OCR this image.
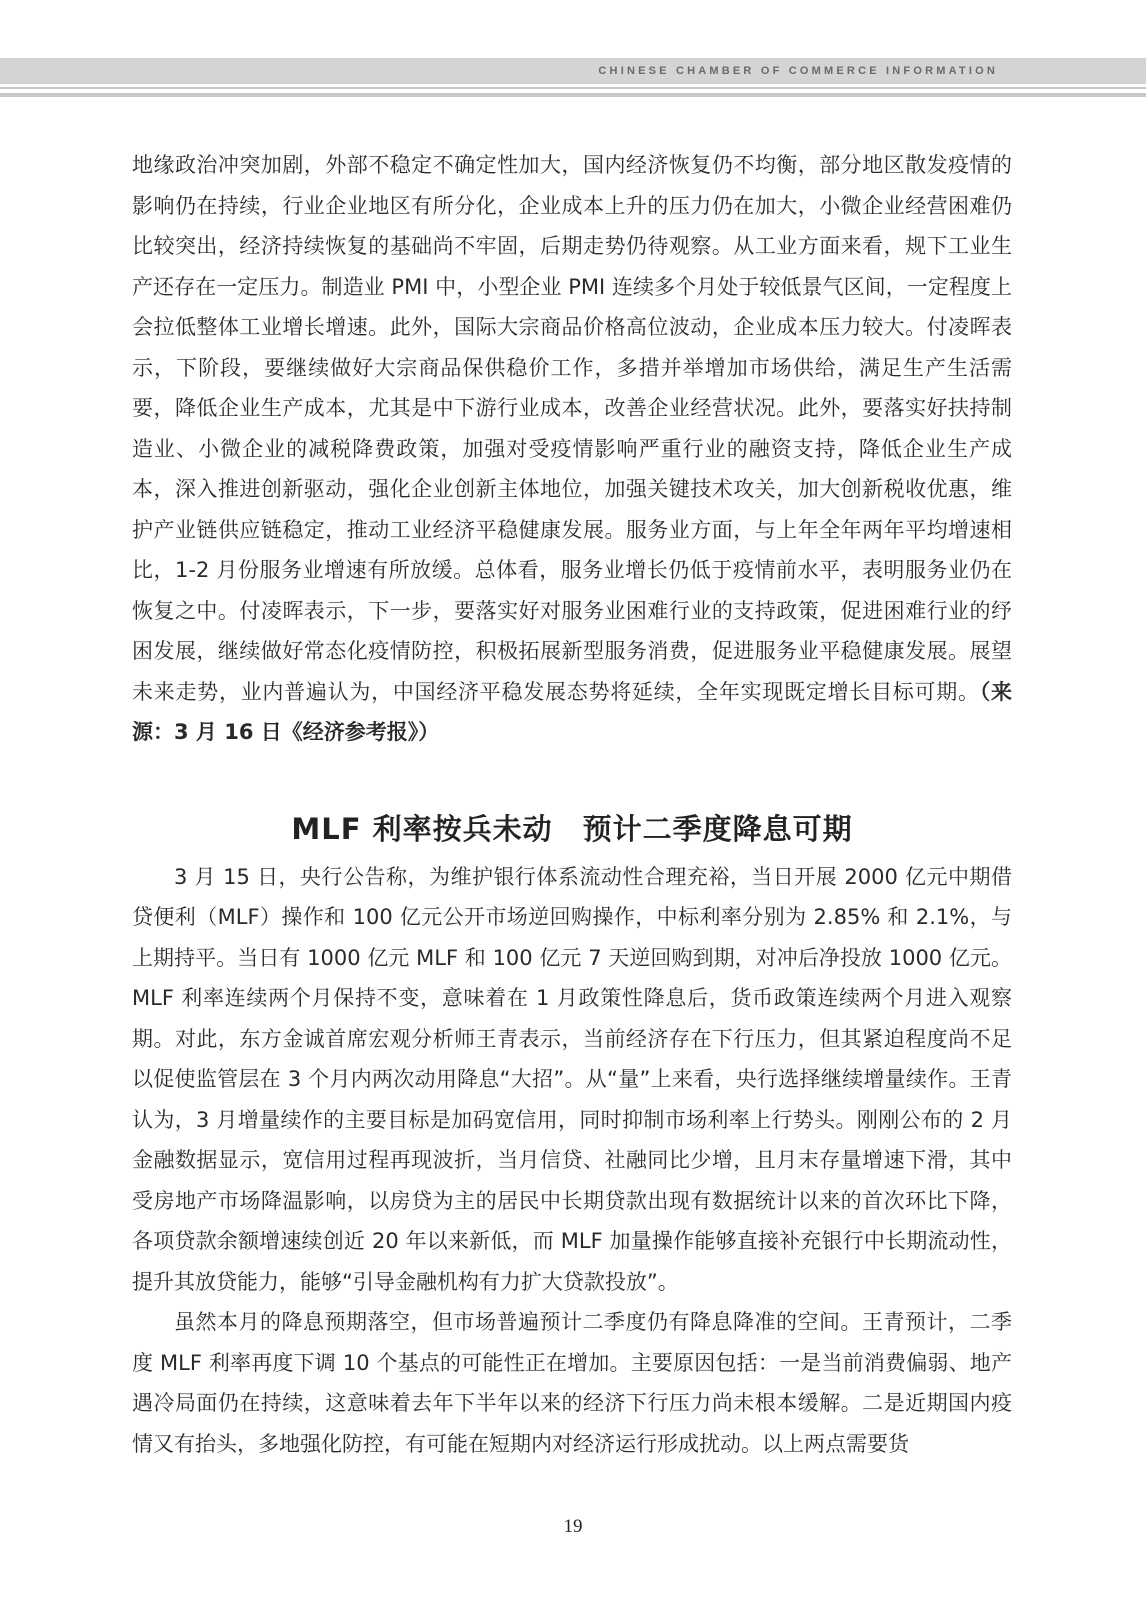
CHINESE CHAMBER OF COMMERCE INFORMATION

地缘政治冲突加剧，外部不稳定不确定性加大，国内经济恢复仍不均衡，部分地区散发疫情的影响仍在持续，行业企业地区有所分化，企业成本上升的压力仍在加大，小微企业经营困难仍比较突出，经济持续恢复的基础尚不牢固，后期走势仍待观察。从工业方面来看，规下工业生产还存在一定压力。制造业 PMI 中，小型企业 PMI 连续多个月处于较低景气区间，一定程度上会拉低整体工业增长增速。此外，国际大宗商品价格高位波动，企业成本压力较大。付凌晖表示，下阶段，要继续做好大宗商品保供稳价工作，多措并举增加市场供给，满足生产生活需要，降低企业生产成本，尤其是中下游行业成本，改善企业经营状况。此外，要落实好扶持制造业、小微企业的减税降费政策，加强对受疫情影响严重行业的融资支持，降低企业生产成本，深入推进创新驱动，强化企业创新主体地位，加强关键技术攻关，加大创新税收优惠，维护产业链供应链稳定，推动工业经济平稳健康发展。服务业方面，与上年全年两年平均增速相比，1-2 月份服务业增速有所放缓。总体看，服务业增长仍低于疫情前水平，表明服务业仍在恢复之中。付凌晖表示，下一步，要落实好对服务业困难行业的支持政策，促进困难行业的纾困发展，继续做好常态化疫情防控，积极拓展新型服务消费，促进服务业平稳健康发展。展望未来走势，业内普遍认为，中国经济平稳发展态势将延续，全年实现既定增长目标可期。（来源：3 月 16 日《经济参考报》）

MLF 利率按兵未动　预计二季度降息可期

3 月 15 日，央行公告称，为维护银行体系流动性合理充裕，当日开展 2000 亿元中期借贷便利（MLF）操作和 100 亿元公开市场逆回购操作，中标利率分别为 2.85% 和 2.1%，与上期持平。当日有 1000 亿元 MLF 和 100 亿元 7 天逆回购到期，对冲后净投放 1000 亿元。MLF 利率连续两个月保持不变，意味着在 1 月政策性降息后，货币政策连续两个月进入观察期。对此，东方金诚首席宏观分析师王青表示，当前经济存在下行压力，但其紧迫程度尚不足以促使监管层在 3 个月内两次动用降息“大招”。从“量”上来看，央行选择继续增量续作。王青认为，3 月增量续作的主要目标是加码宽信用，同时抑制市场利率上行势头。刚刚公布的 2 月金融数据显示，宽信用过程再现波折，当月信贷、社融同比少增，且月末存量增速下滑，其中受房地产市场降温影响，以房贷为主的居民中长期贷款出现有数据统计以来的首次环比下降，各项贷款余额增速续创近 20 年以来新低，而 MLF 加量操作能够直接补充银行中长期流动性，提升其放贷能力，能够“引导金融机构有力扩大贷款投放”。

虽然本月的降息预期落空，但市场普遍预计二季度仍有降息降准的空间。王青预计，二季度 MLF 利率再度下调 10 个基点的可能性正在增加。主要原因包括：一是当前消费偏弱、地产遇冷局面仍在持续，这意味着去年下半年以来的经济下行压力尚未根本缓解。二是近期国内疫情又有抬头，多地强化防控，有可能在短期内对经济运行形成扰动。以上两点需要货

19
